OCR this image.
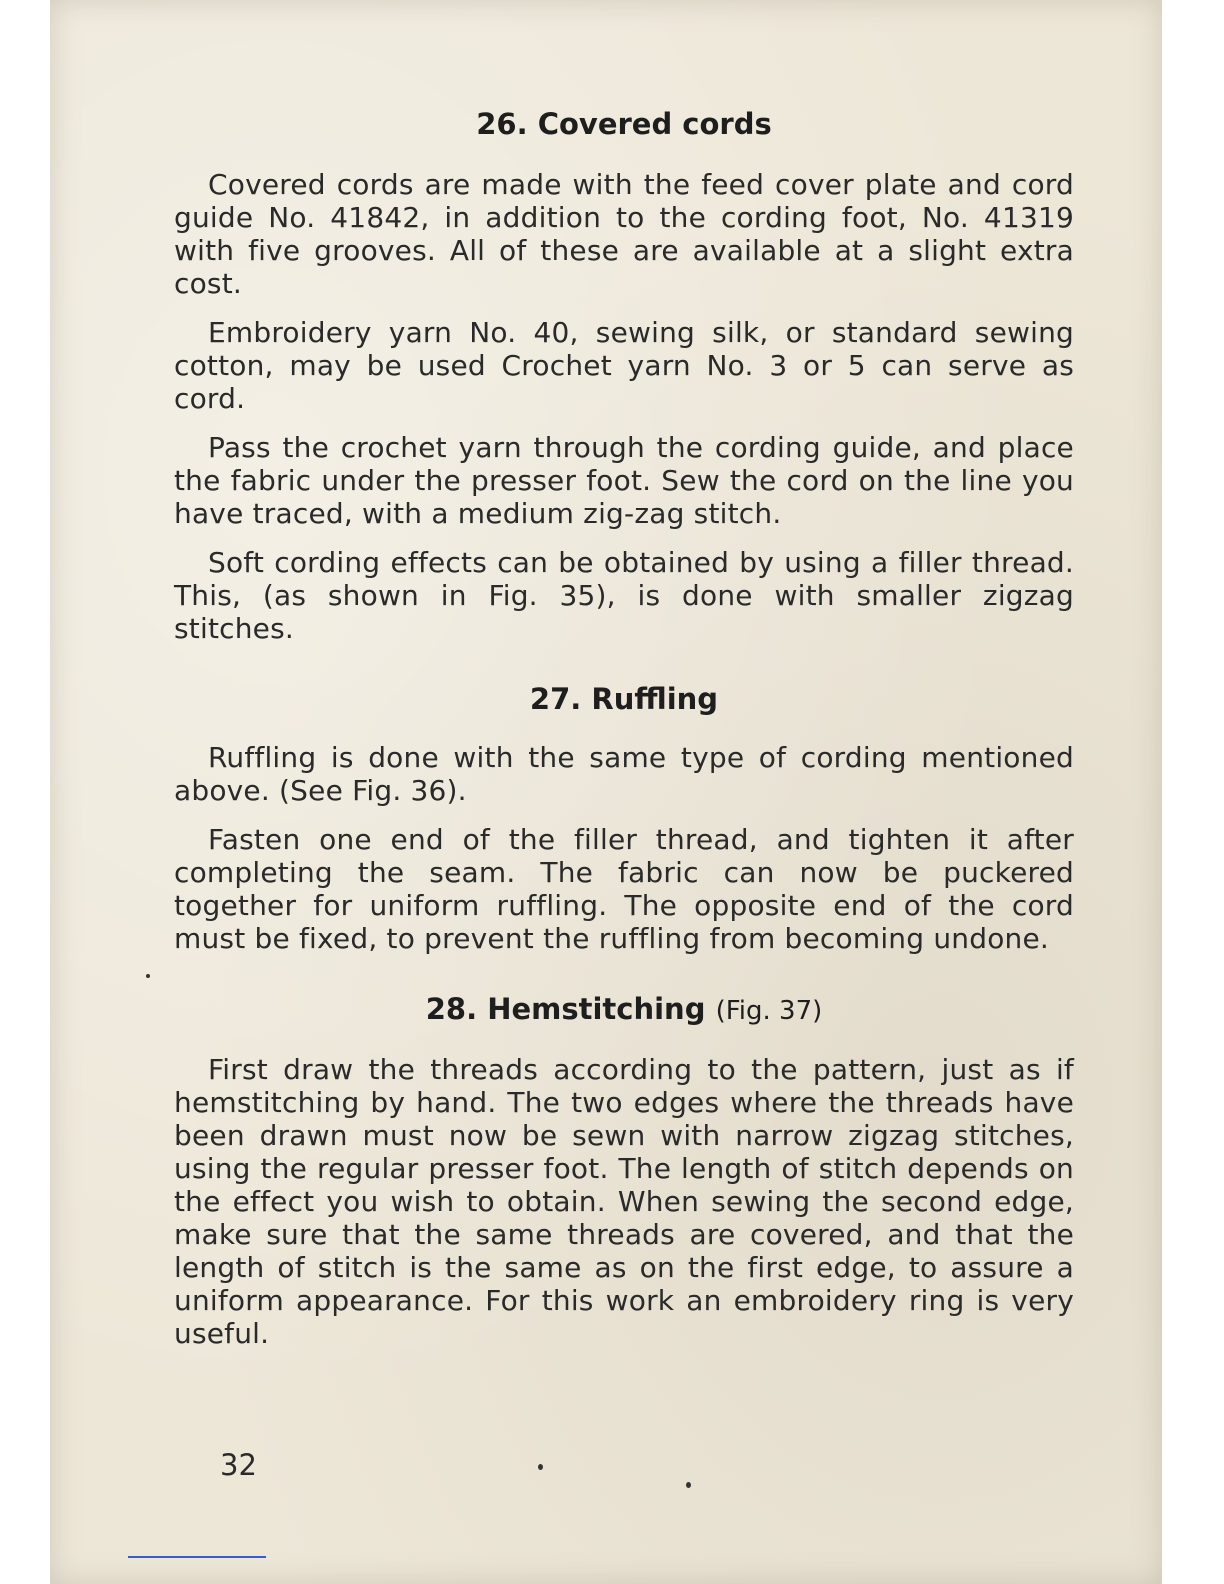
26. Covered cords

Covered cords are made with the feed cover plate and cord guide No. 41842, in addition to the cording foot, No. 41319 with five grooves. All of these are available at a slight extra cost.

Embroidery yarn No. 40, sewing silk, or standard sewing cotton, may be used Crochet yarn No. 3 or 5 can serve as cord.

Pass the crochet yarn through the cording guide, and place the fabric under the presser foot. Sew the cord on the line you have traced, with a medium zig-zag stitch.

Soft cording effects can be obtained by using a filler thread. This, (as shown in Fig. 35), is done with smaller zigzag stitches.

27. Ruffling

Ruffling is done with the same type of cording mentioned above. (See Fig. 36).

Fasten one end of the filler thread, and tighten it after completing the seam. The fabric can now be puckered together for uniform ruffling. The opposite end of the cord must be fixed, to prevent the ruffling from becoming undone.

28. Hemstitching (Fig. 37)

First draw the threads according to the pattern, just as if hemstitching by hand. The two edges where the threads have been drawn must now be sewn with narrow zigzag stitches, using the regular presser foot. The length of stitch depends on the effect you wish to obtain. When sewing the second edge, make sure that the same threads are covered, and that the length of stitch is the same as on the first edge, to assure a uniform appearance. For this work an embroidery ring is very useful.

32
